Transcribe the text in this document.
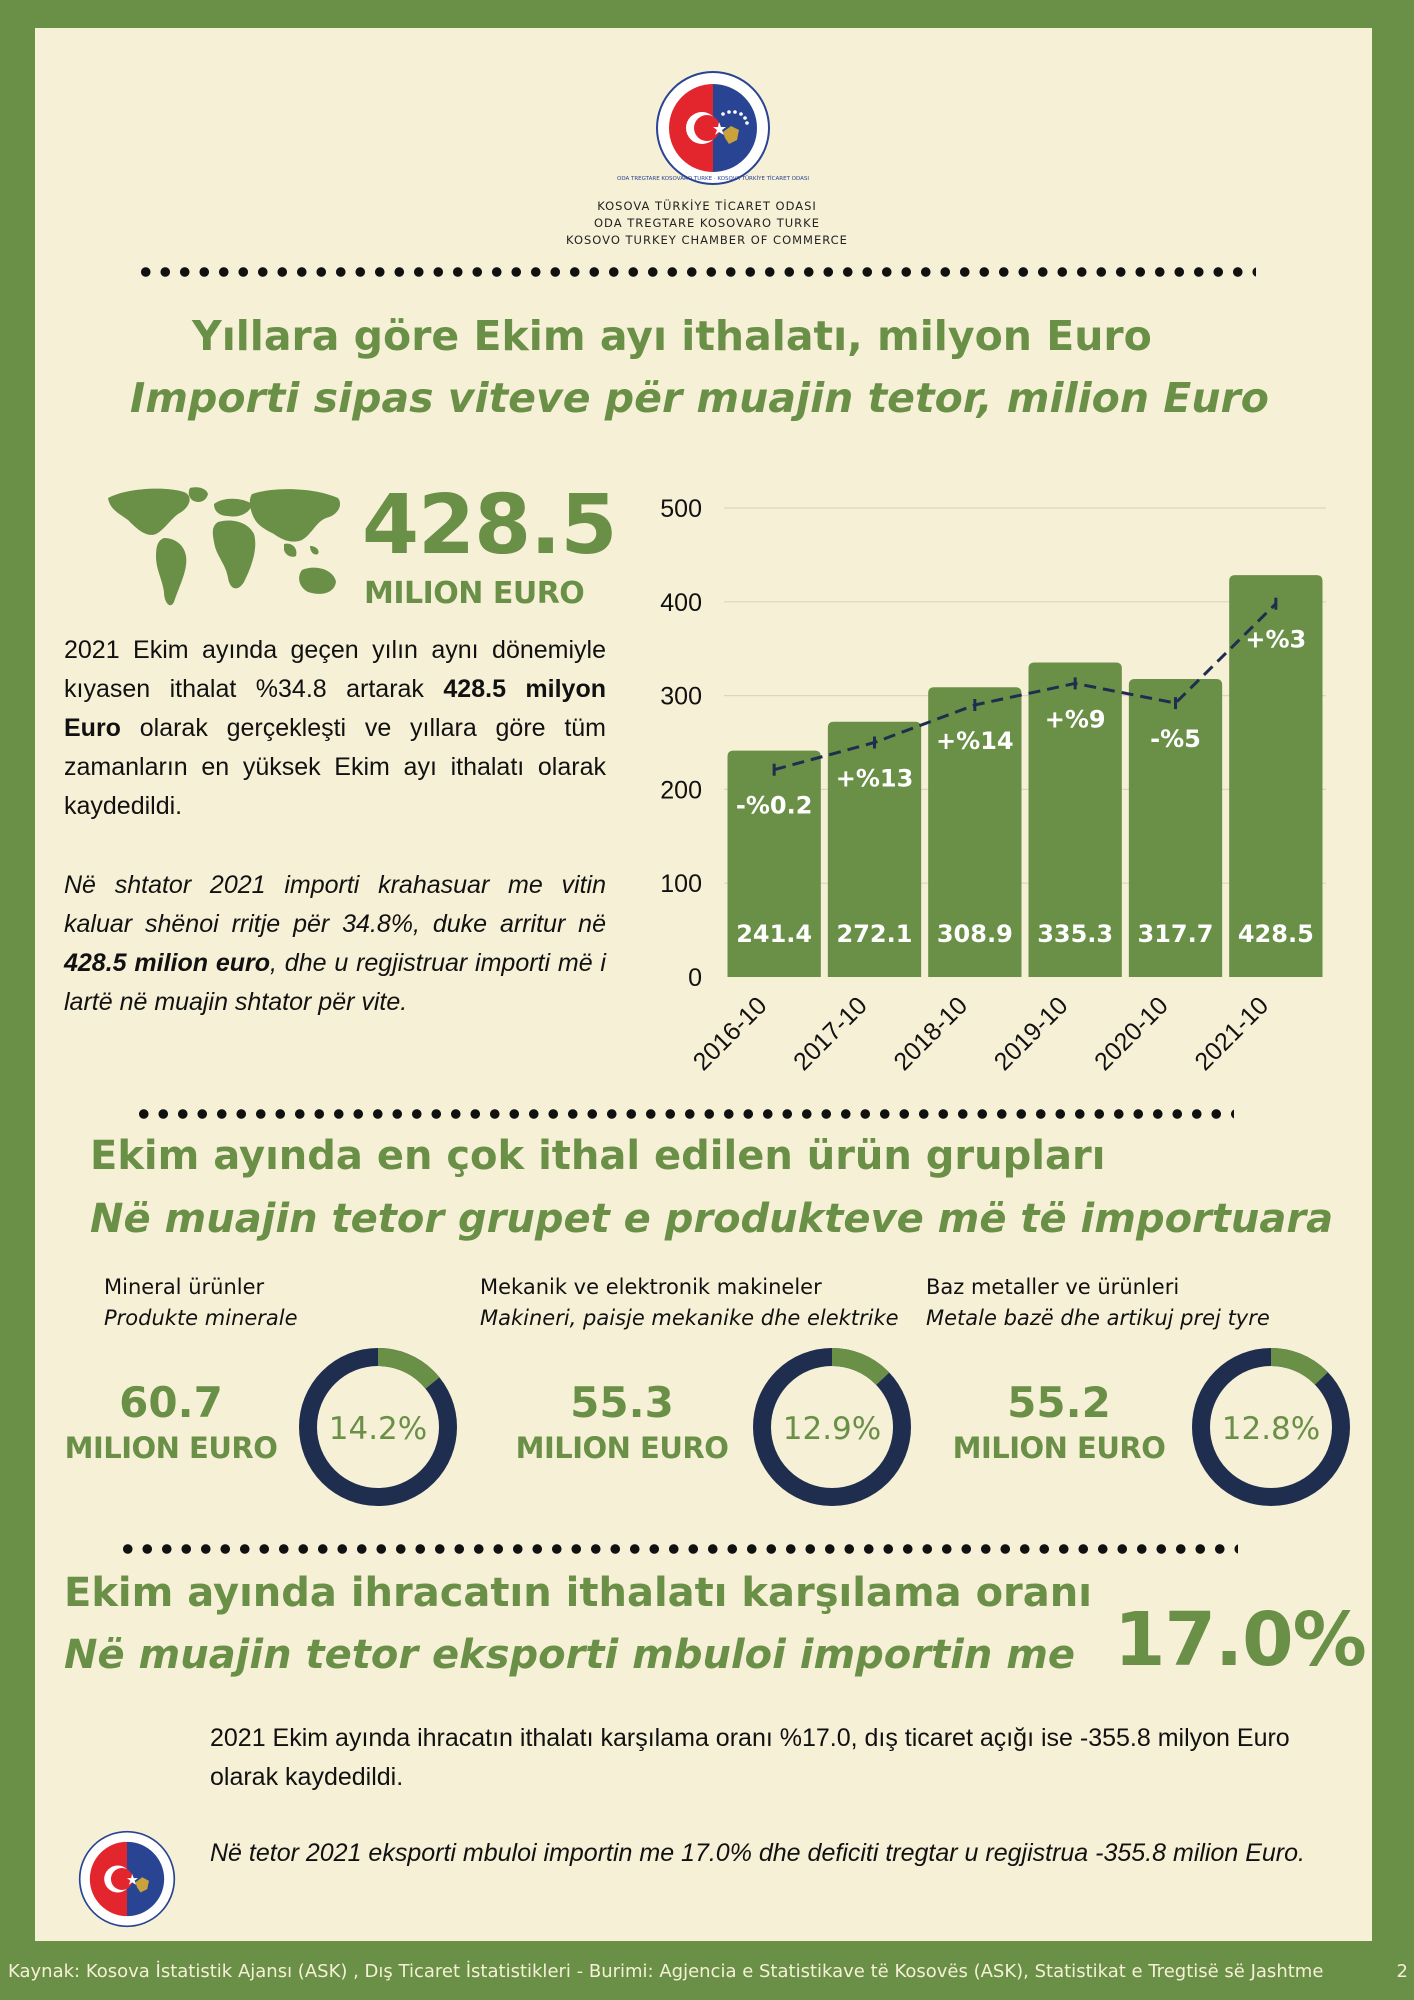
ODA TREGTARE KOSOVARO TURKE · KOSOVA TÜRKİYE TİCARET ODASI
KOSOVA TÜRKİYE TİCARET ODASI
ODA TREGTARE KOSOVARO TURKE
KOSOVO TURKEY CHAMBER OF COMMERCE
Yıllara göre Ekim ayı ithalatı, milyon Euro
Importi sipas viteve për muajin tetor, milion Euro
428.5
MILION EURO
2021 Ekim ayında geçen yılın aynı dönemiyle kıyasen ithalat %34.8 artarak 428.5 milyon Euro olarak gerçekleşti ve yıllara göre tüm zamanların en yüksek Ekim ayı ithalatı olarak kaydedildi.
Në shtator 2021 importi krahasuar me vitin kaluar shënoi rritje për 34.8%, duke arritur në 428.5 milion euro, dhe u regjistruar importi më i lartë në muajin shtator për vite.
0
100
200
300
400
500
241.4
2016-10
272.1
2017-10
308.9
2018-10
335.3
2019-10
317.7
2020-10
428.5
2021-10
-%0.2
+%13
+%14
+%9
-%5
+%3
Ekim ayında en çok ithal edilen ürün grupları
Në muajin tetor grupet e produkteve më të importuara
Mineral ürünler
Produkte minerale
60.7
MILION EURO
14.2%
Mekanik ve elektronik makineler
Makineri, paisje mekanike dhe elektrike
55.3
MILION EURO
12.9%
Baz metaller ve ürünleri
Metale bazë dhe artikuj prej tyre
55.2
MILION EURO
12.8%
Ekim ayında ihracatın ithalatı karşılama oranı
Në muajin tetor eksporti mbuloi importin me 17.0%
2021 Ekim ayında ihracatın ithalatı karşılama oranı %17.0, dış ticaret açığı ise -355.8 milyon Euro olarak kaydedildi.
Në tetor 2021 eksporti mbuloi importin me 17.0% dhe deficiti tregtar u regjistrua -355.8 milion Euro.
Kaynak: Kosova İstatistik Ajansı (ASK) , Dış Ticaret İstatistikleri - Burimi: Agjencia e Statistikave të Kosovës (ASK), Statistikat e Tregtisë së Jashtme	2
